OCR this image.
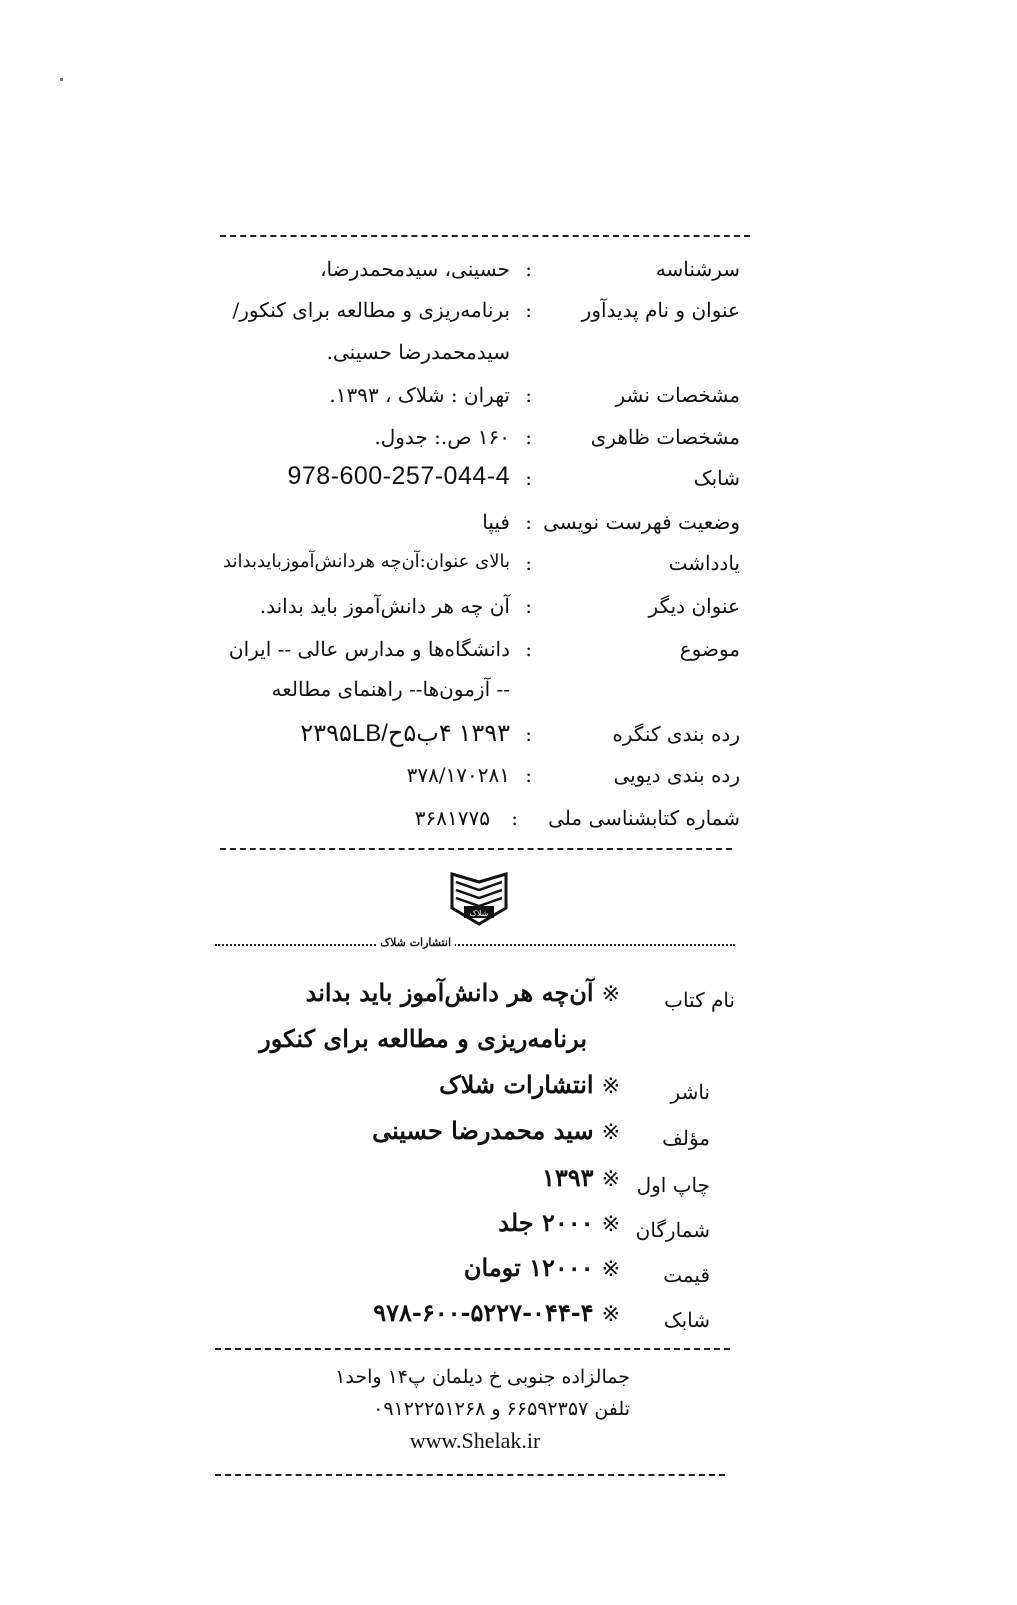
سرشناسه
:
حسینی، سیدمحمدرضا،
عنوان و نام پدیدآور
:
برنامه‌ریزی و مطالعه برای کنکور/
سیدمحمدرضا حسینی.
مشخصات نشر
:
تهران : شلاک ، ۱۳۹۳.
مشخصات ظاهری
:
۱۶۰ ص.: جدول.
شابک
:
978-600-257-044-4
وضعیت فهرست نویسی
:
فیپا
یادداشت
:
بالای عنوان:آن‌چه هردانش‌آموزبایدبداند
عنوان دیگر
:
آن چه هر دانش‌آموز باید بداند.
موضوع
:
دانشگاه‌ها و مدارس عالی -- ایران
-- آزمون‌ها-- راهنمای مطالعه
رده بندی کنگره
:
۱۳۹۳ ۴ب۵ح/۲۳۹۵LB
رده بندی دیویی
:
۳۷۸/۱۷۰۲۸۱
شماره کتابشناسی ملی
:
۳۶۸۱۷۷۵
شلاک
انتشارات شلاک
نام کتاب
※آن‌چه هر دانش‌آموز باید بداند
برنامه‌ریزی و مطالعه برای کنکور
ناشر
※انتشارات شلاک
مؤلف
※سید محمدرضا حسینی
چاپ اول
※۱۳۹۳
شمارگان
※۲۰۰۰ جلد
قیمت
※۱۲۰۰۰ تومان
شابک
※۹۷۸-۶۰۰-۵۲۲۷-۰۴۴-۴
جمالزاده جنوبی خ دیلمان پ۱۴ واحد۱
تلفن ۶۶۵۹۲۳۵۷ و ۰۹۱۲۲۲۵۱۲۶۸
www.Shelak.ir
